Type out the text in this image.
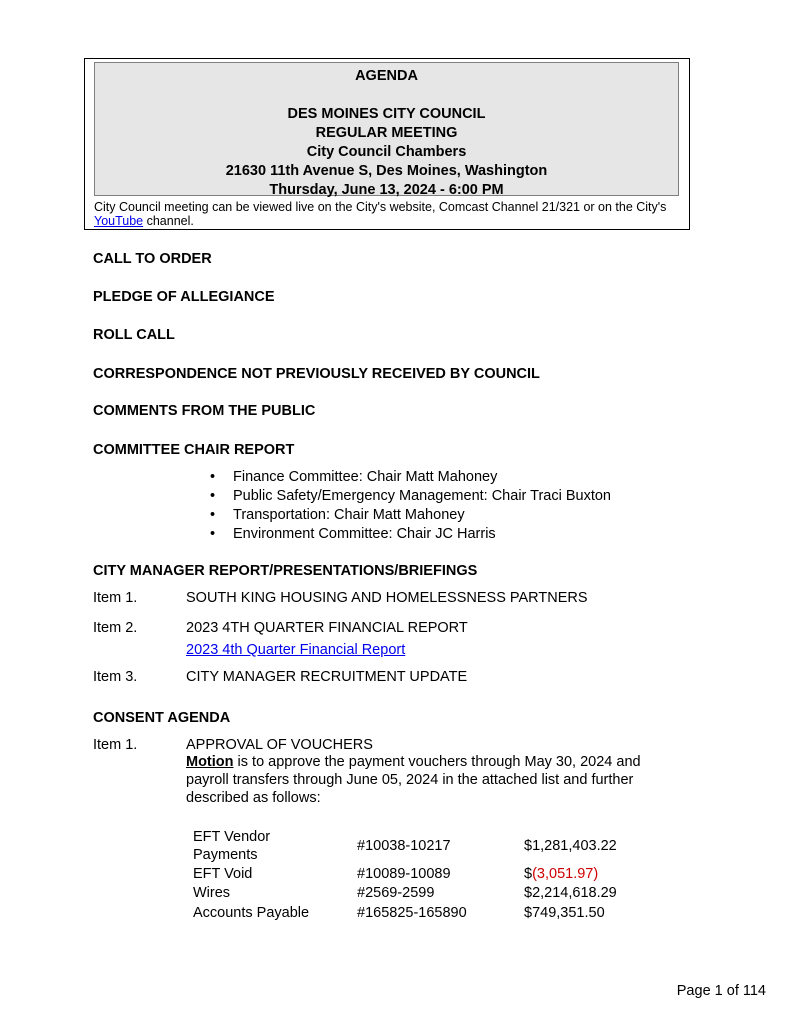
AGENDA
DES MOINES CITY COUNCIL
REGULAR MEETING
City Council Chambers
21630 11th Avenue S, Des Moines, Washington
Thursday, June 13, 2024 - 6:00 PM
City Council meeting can be viewed live on the City's website, Comcast Channel 21/321 or on the City's YouTube channel.
CALL TO ORDER
PLEDGE OF ALLEGIANCE
ROLL CALL
CORRESPONDENCE NOT PREVIOUSLY RECEIVED BY COUNCIL
COMMENTS FROM THE PUBLIC
COMMITTEE CHAIR REPORT
• Finance Committee: Chair Matt Mahoney
• Public Safety/Emergency Management: Chair Traci Buxton
• Transportation: Chair Matt Mahoney
• Environment Committee: Chair JC Harris
CITY MANAGER REPORT/PRESENTATIONS/BRIEFINGS
Item 1.	SOUTH KING HOUSING AND HOMELESSNESS PARTNERS
Item 2.	2023 4TH QUARTER FINANCIAL REPORT
2023 4th Quarter Financial Report
Item 3.	CITY MANAGER RECRUITMENT UPDATE
CONSENT AGENDA
Item 1.	APPROVAL OF VOUCHERS
Motion is to approve the payment vouchers through May 30, 2024 and payroll transfers through June 05, 2024 in the attached list and further described as follows:
EFT Vendor
Payments
#10038-10217	$1,281,403.22
EFT Void	#10089-10089	$(3,051.97)
Wires	#2569-2599	$2,214,618.29
Accounts Payable	#165825-165890	$749,351.50
Page 1 of 114
